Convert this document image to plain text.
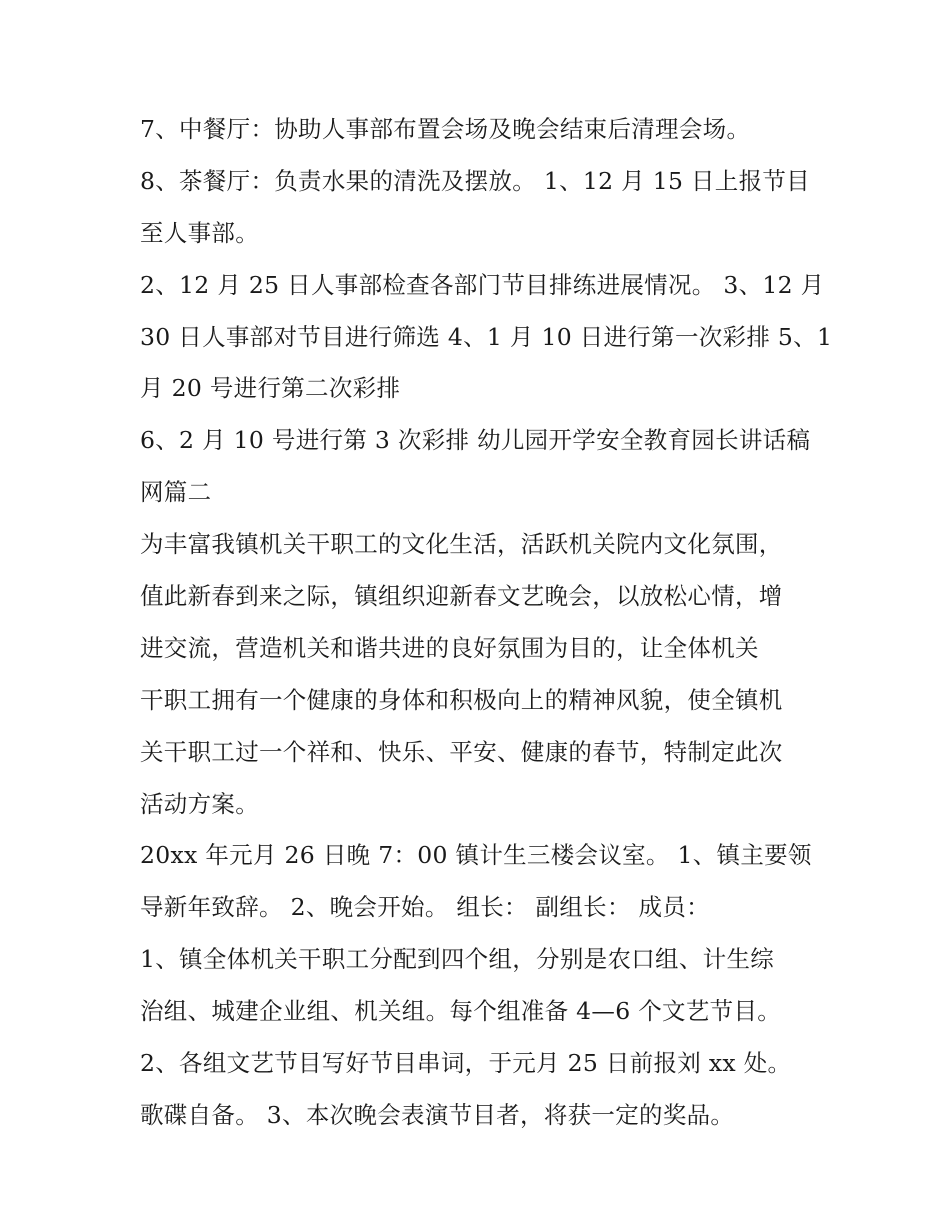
7、中餐厅：协助人事部布置会场及晚会结束后清理会场。
8、茶餐厅：负责水果的清洗及摆放。 1、12 月 15 日上报节目
至人事部。
2、12 月 25 日人事部检查各部门节目排练进展情况。 3、12 月
30 日人事部对节目进行筛选 4、1 月 10 日进行第一次彩排 5、1
月 20 号进行第二次彩排
6、2 月 10 号进行第 3 次彩排 幼儿园开学安全教育园长讲话稿
网篇二
为丰富我镇机关干职工的文化生活，活跃机关院内文化氛围，
值此新春到来之际，镇组织迎新春文艺晚会，以放松心情，增
进交流，营造机关和谐共进的良好氛围为目的，让全体机关
干职工拥有一个健康的身体和积极向上的精神风貌，使全镇机
关干职工过一个祥和、快乐、平安、健康的春节，特制定此次
活动方案。
20xx 年元月 26 日晚 7：00 镇计生三楼会议室。 1、镇主要领
导新年致辞。 2、晚会开始。 组长： 副组长： 成员：
1、镇全体机关干职工分配到四个组，分别是农口组、计生综
治组、城建企业组、机关组。每个组准备 4—6 个文艺节目。
2、各组文艺节目写好节目串词，于元月 25 日前报刘 xx 处。
歌碟自备。 3、本次晚会表演节目者，将获一定的奖品。
